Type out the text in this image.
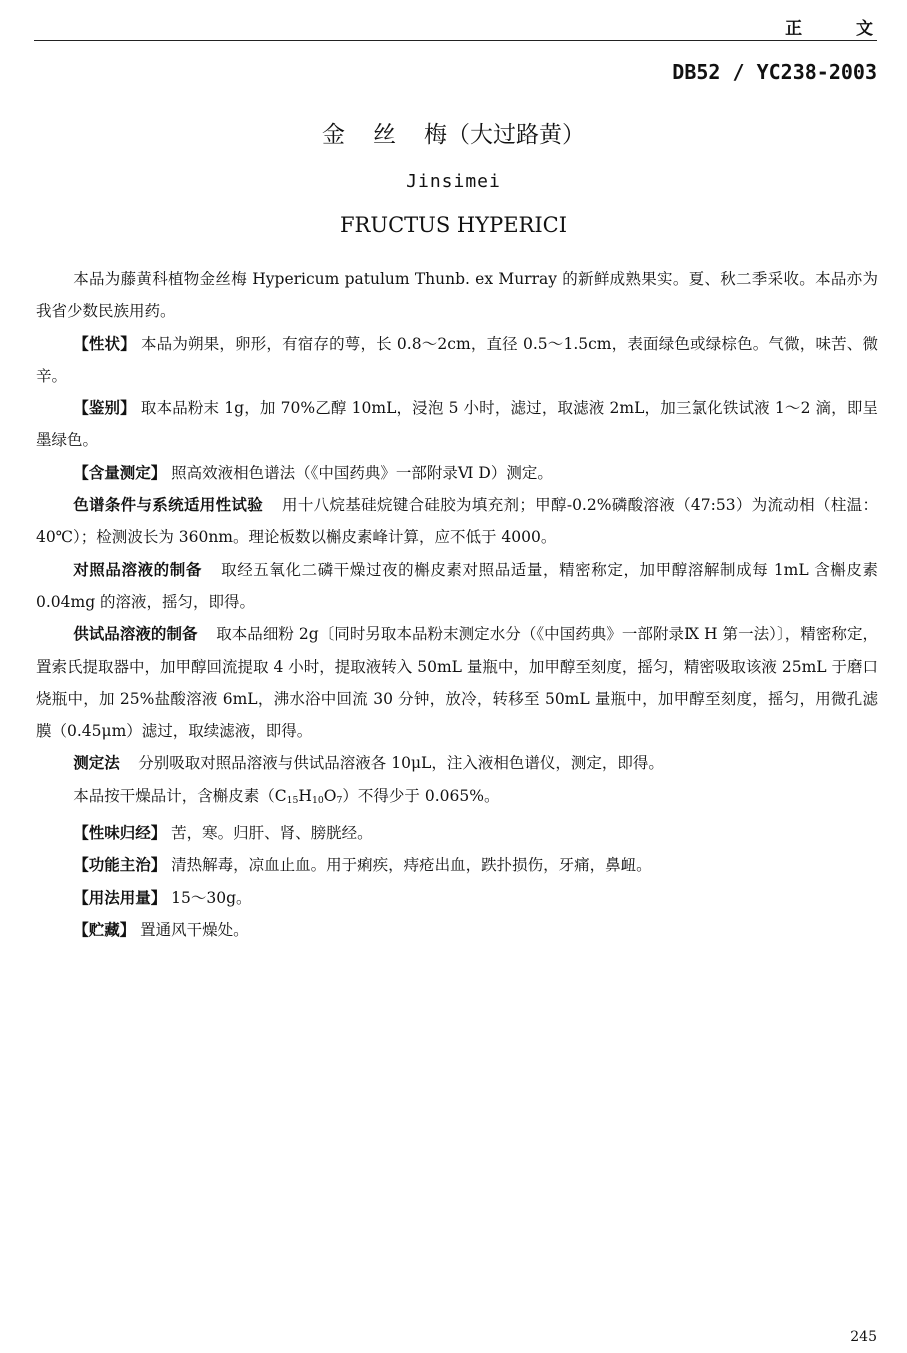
正 文
DB52 / YC238-2003
金 丝 梅（大过路黄）
Jinsimei
FRUCTUS HYPERICI

本品为藤黄科植物金丝梅 Hypericum patulum Thunb. ex Murray 的新鲜成熟果实。夏、秋二季采收。本品亦为我省少数民族用药。

【性状】 本品为朔果，卵形，有宿存的萼，长 0.8～2cm，直径 0.5～1.5cm，表面绿色或绿棕色。气微，味苦、微辛。

【鉴别】 取本品粉末 1g，加 70%乙醇 10mL，浸泡 5 小时，滤过，取滤液 2mL，加三氯化铁试液 1～2 滴，即呈墨绿色。

【含量测定】 照高效液相色谱法（《中国药典》一部附录Ⅵ D）测定。

色谱条件与系统适用性试验 用十八烷基硅烷键合硅胶为填充剂；甲醇-0.2%磷酸溶液（47:53）为流动相（柱温：40℃）；检测波长为 360nm。理论板数以槲皮素峰计算，应不低于 4000。

对照品溶液的制备 取经五氧化二磷干燥过夜的槲皮素对照品适量，精密称定，加甲醇溶解制成每 1mL 含槲皮素 0.04mg 的溶液，摇匀，即得。

供试品溶液的制备 取本品细粉 2g〔同时另取本品粉末测定水分（《中国药典》一部附录Ⅸ H 第一法）〕，精密称定，置索氏提取器中，加甲醇回流提取 4 小时，提取液转入 50mL 量瓶中，加甲醇至刻度，摇匀，精密吸取该液 25mL 于磨口烧瓶中，加 25%盐酸溶液 6mL，沸水浴中回流 30 分钟，放冷，转移至 50mL 量瓶中，加甲醇至刻度，摇匀，用微孔滤膜（0.45μm）滤过，取续滤液，即得。

测定法 分别吸取对照品溶液与供试品溶液各 10μL，注入液相色谱仪，测定，即得。

本品按干燥品计，含槲皮素$(C_{15}H_{10}O_7)$不得少于 0.065%。

【性味归经】 苦，寒。归肝、肾、膀胱经。

【功能主治】 清热解毒，凉血止血。用于痢疾，痔疮出血，跌扑损伤，牙痛，鼻衄。

【用法用量】 15～30g。

【贮藏】 置通风干燥处。

245
